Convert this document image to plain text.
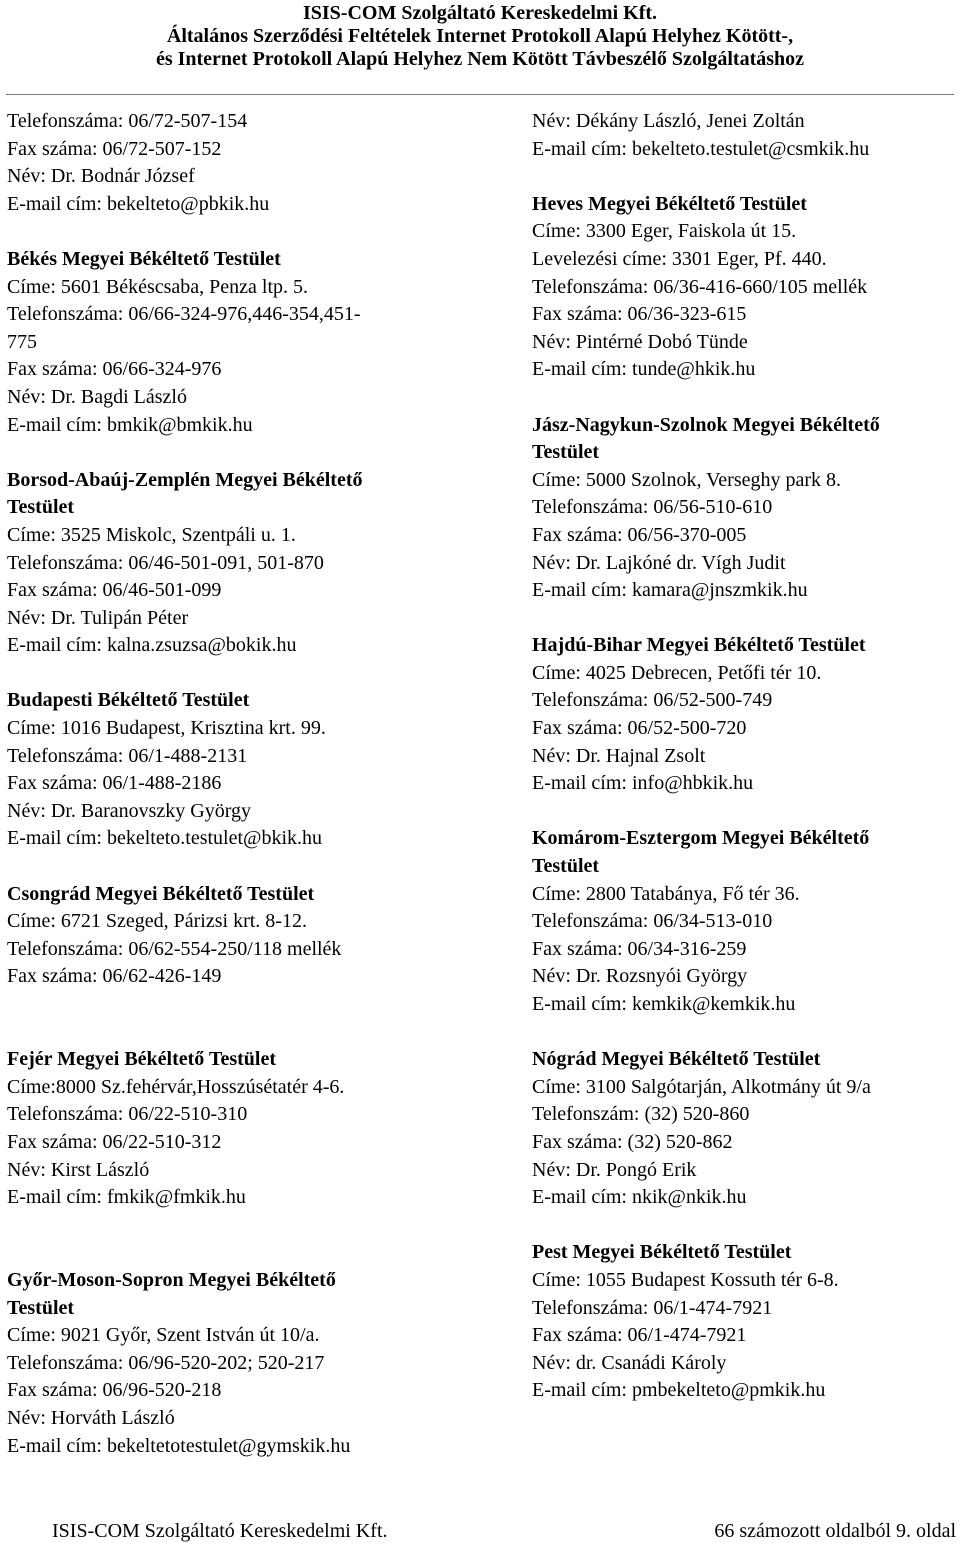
ISIS-COM Szolgáltató Kereskedelmi Kft.
Általános Szerződési Feltételek Internet Protokoll Alapú Helyhez Kötött-,
és Internet Protokoll Alapú Helyhez Nem Kötött Távbeszélő Szolgáltatáshoz
Telefonszáma: 06/72-507-154
Fax száma: 06/72-507-152
Név: Dr. Bodnár József
E-mail cím: bekelteto@pbkik.hu
Békés Megyei Békéltető Testület
Címe: 5601 Békéscsaba, Penza ltp. 5.
Telefonszáma: 06/66-324-976,446-354,451-
775
Fax száma: 06/66-324-976
Név: Dr. Bagdi László
E-mail cím: bmkik@bmkik.hu
Borsod-Abaúj-Zemplén Megyei Békéltető
Testület
Címe: 3525 Miskolc, Szentpáli u. 1.
Telefonszáma: 06/46-501-091, 501-870
Fax száma: 06/46-501-099
Név: Dr. Tulipán Péter
E-mail cím: kalna.zsuzsa@bokik.hu
Budapesti Békéltető Testület
Címe: 1016 Budapest, Krisztina krt. 99.
Telefonszáma: 06/1-488-2131
Fax száma: 06/1-488-2186
Név: Dr. Baranovszky György
E-mail cím: bekelteto.testulet@bkik.hu
Csongrád Megyei Békéltető Testület
Címe: 6721 Szeged, Párizsi krt. 8-12.
Telefonszáma: 06/62-554-250/118 mellék
Fax száma: 06/62-426-149
Fejér Megyei Békéltető Testület
Címe:8000 Sz.fehérvár,Hosszúsétatér 4-6.
Telefonszáma: 06/22-510-310
Fax száma: 06/22-510-312
Név: Kirst László
E-mail cím: fmkik@fmkik.hu
Győr-Moson-Sopron Megyei Békéltető
Testület
Címe: 9021 Győr, Szent István út 10/a.
Telefonszáma: 06/96-520-202; 520-217
Fax száma: 06/96-520-218
Név: Horváth László
E-mail cím: bekeltetotestulet@gymskik.hu
Név: Dékány László, Jenei Zoltán
E-mail cím: bekelteto.testulet@csmkik.hu
Heves Megyei Békéltető Testület
Címe: 3300 Eger, Faiskola út 15.
Levelezési címe: 3301 Eger, Pf. 440.
Telefonszáma: 06/36-416-660/105 mellék
Fax száma: 06/36-323-615
Név: Pintérné Dobó Tünde
E-mail cím: tunde@hkik.hu
Jász-Nagykun-Szolnok Megyei Békéltető
Testület
Címe: 5000 Szolnok, Verseghy park 8.
Telefonszáma: 06/56-510-610
Fax száma: 06/56-370-005
Név: Dr. Lajkóné dr. Vígh Judit
E-mail cím: kamara@jnszmkik.hu
Hajdú-Bihar Megyei Békéltető Testület
Címe: 4025 Debrecen, Petőfi tér 10.
Telefonszáma: 06/52-500-749
Fax száma: 06/52-500-720
Név: Dr. Hajnal Zsolt
E-mail cím: info@hbkik.hu
Komárom-Esztergom Megyei Békéltető
Testület
Címe: 2800 Tatabánya, Fő tér 36.
Telefonszáma: 06/34-513-010
Fax száma: 06/34-316-259
Név: Dr. Rozsnyói György
E-mail cím: kemkik@kemkik.hu
Nógrád Megyei Békéltető Testület
Címe: 3100 Salgótarján, Alkotmány út 9/a
Telefonszám: (32) 520-860
Fax száma: (32) 520-862
Név: Dr. Pongó Erik
E-mail cím: nkik@nkik.hu
Pest Megyei Békéltető Testület
Címe: 1055 Budapest Kossuth tér 6-8.
Telefonszáma: 06/1-474-7921
Fax száma: 06/1-474-7921
Név: dr. Csanádi Károly
E-mail cím: pmbekelteto@pmkik.hu
ISIS-COM Szolgáltató Kereskedelmi Kft.	66 számozott oldalból 9. oldal
